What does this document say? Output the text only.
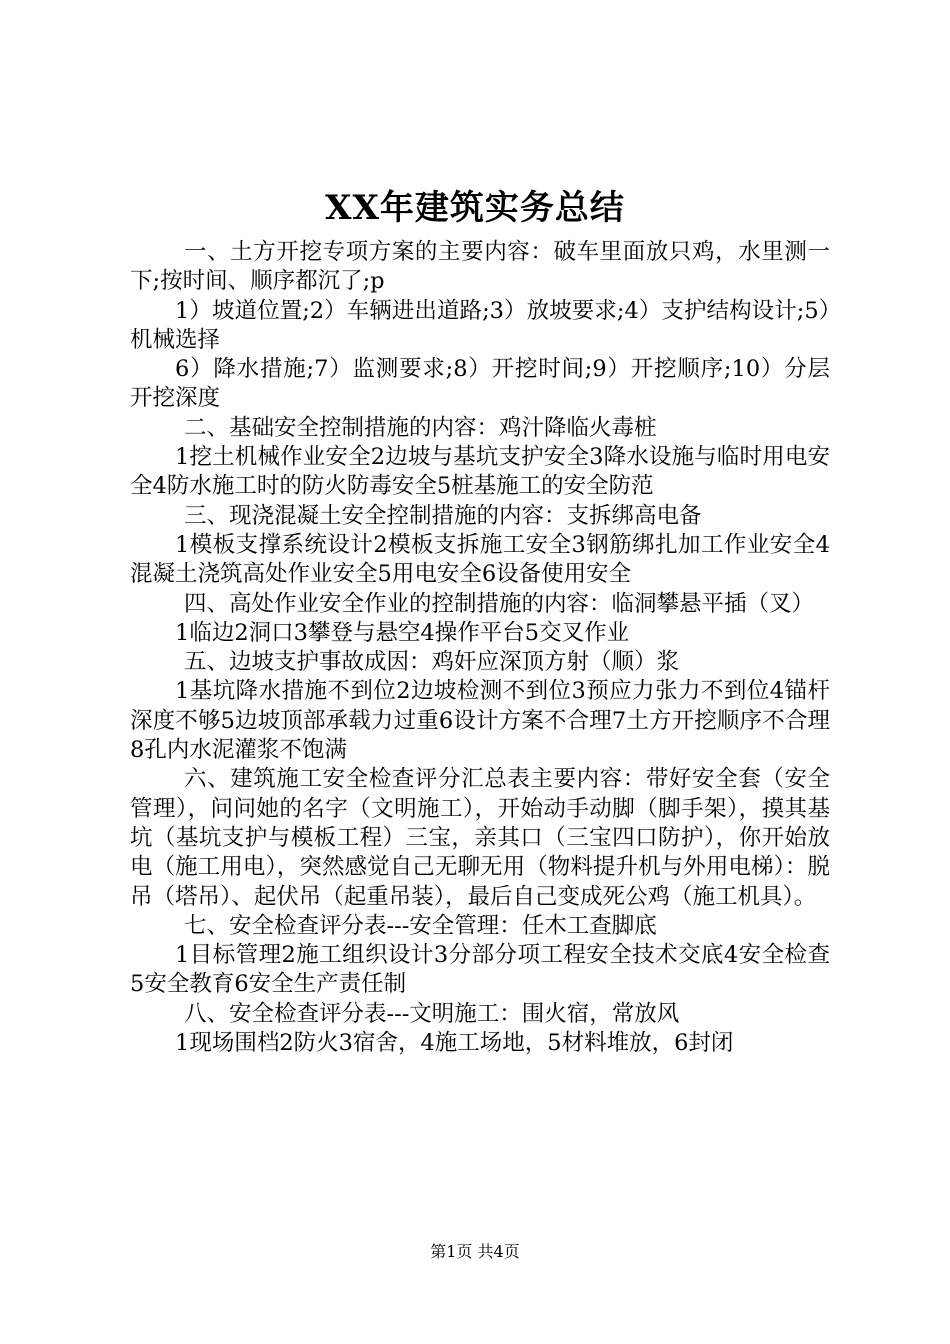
XX年建筑实务总结

一、土方开挖专项方案的主要内容：破车里面放只鸡，水里测一下;按时间、顺序都沉了;p

1）坡道位置;2）车辆进出道路;3）放坡要求;4）支护结构设计;5）机械选择

6）降水措施;7）监测要求;8）开挖时间;9）开挖顺序;10）分层开挖深度

二、基础安全控制措施的内容：鸡汁降临火毒桩

1挖土机械作业安全2边坡与基坑支护安全3降水设施与临时用电安全4防水施工时的防火防毒安全5桩基施工的安全防范

三、现浇混凝土安全控制措施的内容：支拆绑高电备

1模板支撑系统设计2模板支拆施工安全3钢筋绑扎加工作业安全4混凝土浇筑高处作业安全5用电安全6设备使用安全

四、高处作业安全作业的控制措施的内容：临洞攀悬平插（叉）

1临边2洞口3攀登与悬空4操作平台5交叉作业

五、边坡支护事故成因：鸡奸应深顶方射（顺）浆

1基坑降水措施不到位2边坡检测不到位3预应力张力不到位4锚杆深度不够5边坡顶部承载力过重6设计方案不合理7土方开挖顺序不合理8孔内水泥灌浆不饱满

六、建筑施工安全检查评分汇总表主要内容：带好安全套（安全管理），问问她的名字（文明施工），开始动手动脚（脚手架），摸其基坑（基坑支护与模板工程）三宝，亲其口（三宝四口防护），你开始放电（施工用电），突然感觉自己无聊无用（物料提升机与外用电梯）：脱吊（塔吊）、起伏吊（起重吊装），最后自己变成死公鸡（施工机具）。

七、安全检查评分表---安全管理：任木工查脚底

1目标管理2施工组织设计3分部分项工程安全技术交底4安全检查5安全教育6安全生产责任制

八、安全检查评分表---文明施工：围火宿，常放风

1现场围档2防火3宿舍，4施工场地，5材料堆放，6封闭

第1页 共4页
